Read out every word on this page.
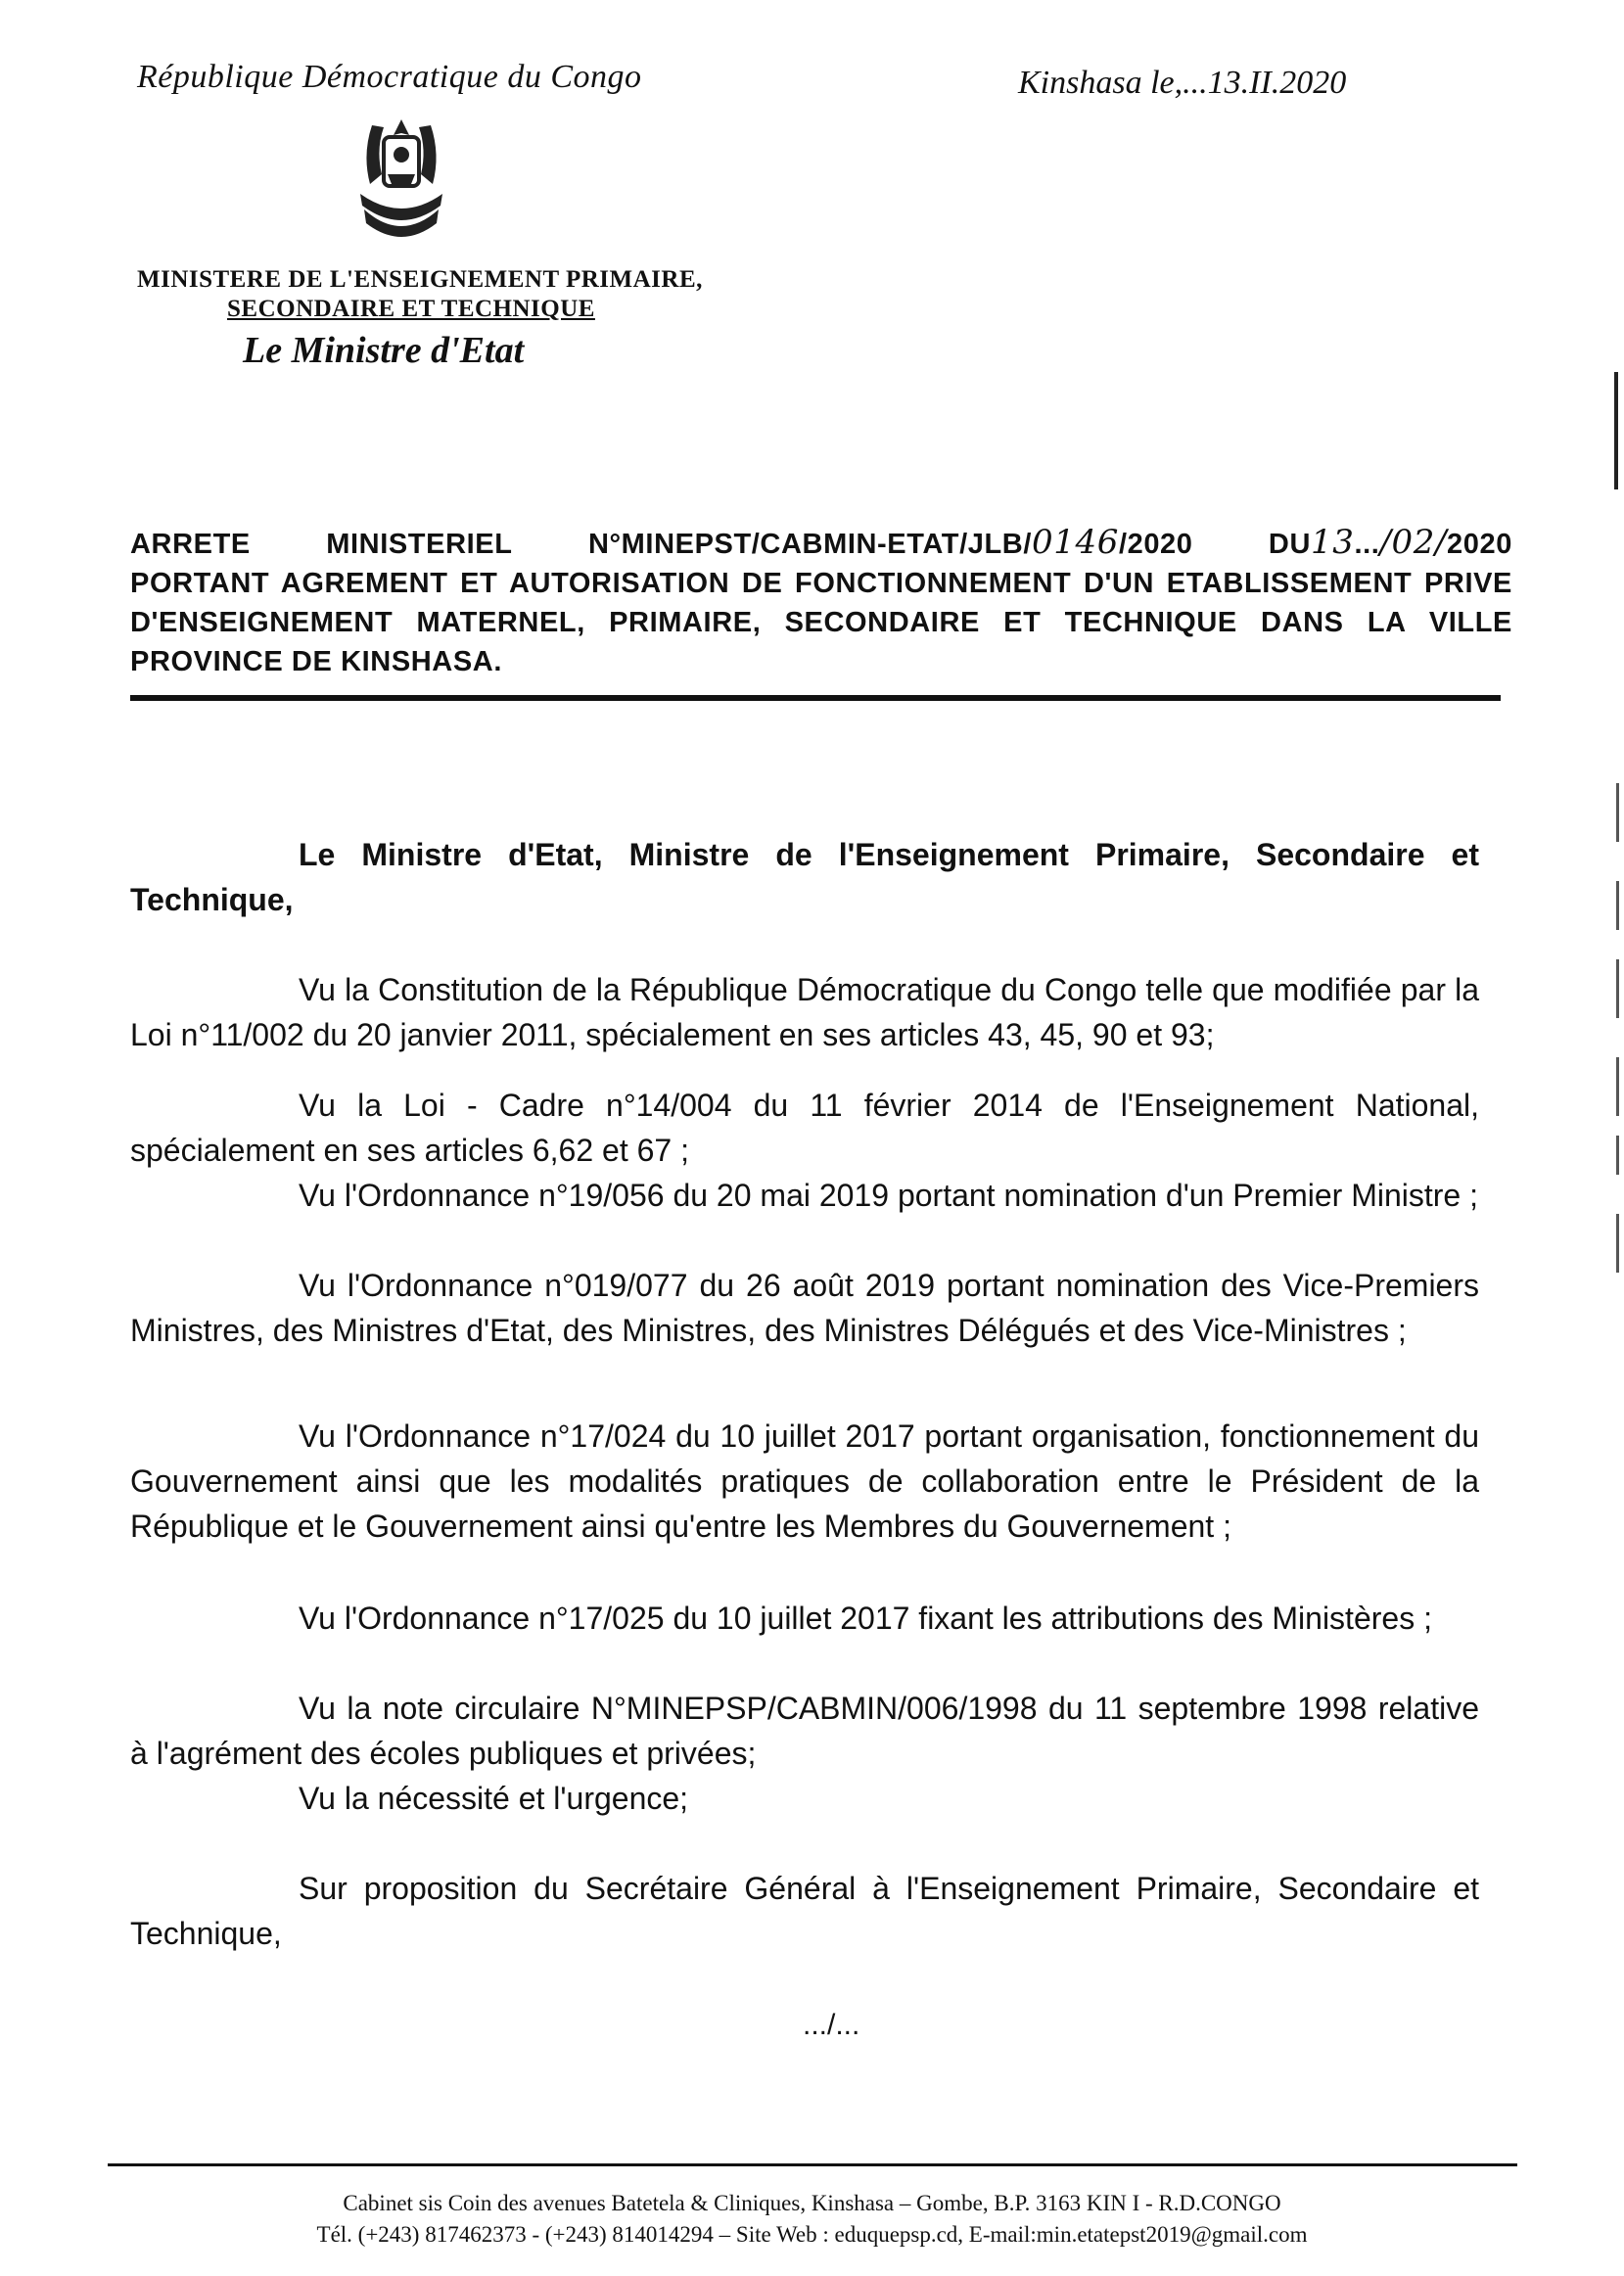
République Démocratique du Congo	Kinshasa le,...13.II.2020
MINISTERE DE L'ENSEIGNEMENT PRIMAIRE,
SECONDAIRE ET TECHNIQUE
Le Ministre d'Etat
ARRETE	MINISTERIEL	N°MINEPST/CABMIN-ETAT/JLB/0146/2020	DU13.../02/2020
PORTANT AGREMENT ET AUTORISATION DE FONCTIONNEMENT D'UN ETABLISSEMENT PRIVE D'ENSEIGNEMENT MATERNEL, PRIMAIRE, SECONDAIRE ET TECHNIQUE DANS LA VILLE PROVINCE DE KINSHASA.

Le Ministre d'Etat, Ministre de l'Enseignement Primaire, Secondaire et Technique,

Vu la Constitution de la République Démocratique du Congo telle que modifiée par la Loi n°11/002 du 20 janvier 2011, spécialement en ses articles 43, 45, 90 et 93;

Vu la Loi - Cadre n°14/004 du 11 février 2014 de l'Enseignement National, spécialement en ses articles 6,62 et 67 ;

Vu l'Ordonnance n°19/056 du 20 mai 2019 portant nomination d'un Premier Ministre ;

Vu l'Ordonnance n°019/077 du 26 août 2019 portant nomination des Vice-Premiers Ministres, des Ministres d'Etat, des Ministres, des Ministres Délégués et des Vice-Ministres ;

Vu l'Ordonnance n°17/024 du 10 juillet 2017 portant organisation, fonctionnement du Gouvernement ainsi que les modalités pratiques de collaboration entre le Président de la République et le Gouvernement ainsi qu'entre les Membres du Gouvernement ;

Vu l'Ordonnance n°17/025 du 10 juillet 2017 fixant les attributions des Ministères ;

Vu la note circulaire N°MINEPSP/CABMIN/006/1998 du 11 septembre 1998 relative à l'agrément des écoles publiques et privées;

Vu la nécessité et l'urgence;

Sur proposition du Secrétaire Général à l'Enseignement Primaire, Secondaire et Technique,

.../...
Cabinet sis Coin des avenues Batetela & Cliniques, Kinshasa – Gombe, B.P. 3163 KIN I - R.D.CONGO
Tél. (+243) 817462373 - (+243) 814014294 – Site Web : eduquepsp.cd, E-mail:min.etatepst2019@gmail.com
